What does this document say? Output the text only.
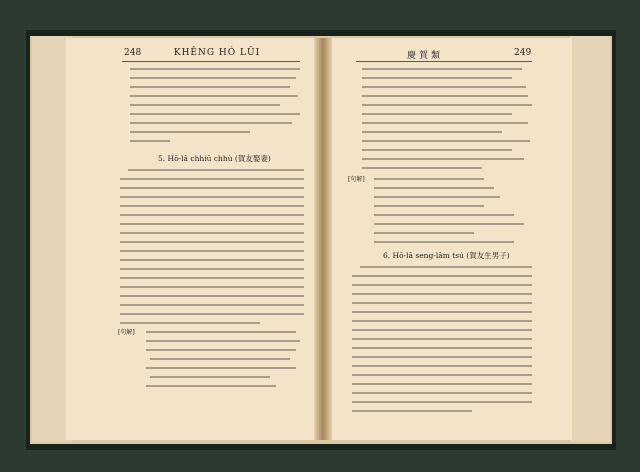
248	KHÊNG HÓ LŪI	慶賀類	249
5. Hō-lâ chhiū chhù (賀友娶妻)
[句解]
[句解]
6. Hō-lâ seng-lâm tsú (賀友生男子)
